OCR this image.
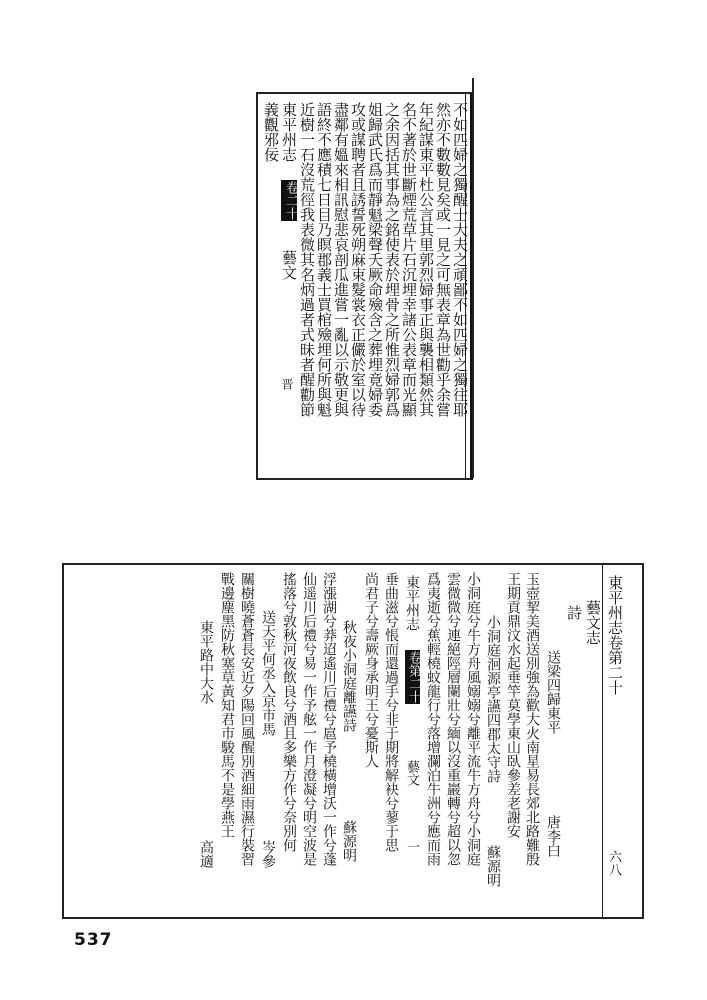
不如匹婦之獨醒士大夫之頑鄙不如匹婦之獨往耶
然亦不數數見矣或一見之可無表章為世勸乎余嘗
年紀謀東平杜公言其里郭烈婦事正與襲相類然其
名不著於世斷煙荒草片石沉埋幸諸公表章而光顯
之余因括其事為之銘使表於埋骨之所惟烈婦郭爲
姐歸武氏爲而靜魁梁聲夭厥命殮含之葬埋竟婦委
攻或謀聘者且誘誓死朔麻束髮裳衣正儼於室以待
盡鄰有媼來相訊慰悲哀剖瓜進嘗一亂以示敬更與
語終不應積七日目乃瞑郡義士買棺殮埋何所與魁
近樹一石沒荒徑我表微其名炳過者式昧者醒勸節
東平州志
卷二十
藝文
晋
義觀邪佞
東平州志卷第二十
六八
藝文志
詩
送梁四歸東平
唐李白
玉壺挈美酒送別強為歡大火南星易長郊北路難殷
王期貢鼎汶水起垂竿莫學東山臥參差老謝安
小洞庭洄源亭讌四郡太守詩
蘇源明
小洞庭兮牛方舟風嫋嫋兮離平流牛方舟兮小洞庭
雲微微兮連絕陘層闌壯兮緬以沒重巖轉兮超以忽
爲夷逝兮蕉輕橈蚊龍行兮落增瀾泊牛洲兮應而雨
東平州志
卷第二十
藝文
一
垂曲滋兮悵而還過手兮非于期將解袂兮蓼于思
尚君子兮壽厥身承明王兮憂斯人
秋夜小洞庭離讌詩
蘇源明
浮漲湖兮莽迢遙川后禮兮扈予橈橫增沃一作兮蓬
仙遥川后禮兮易一作予舷一作月澄凝兮明空波是
搖落兮敦秋河夜飲良兮酒且多樂方作兮奈別何
送天平何丞入京市馬
岑參
關樹曉蒼蒼長安近夕陽回風醒別酒細雨濕行裝習
戰邊塵黑防秋塞草黃知君市駿馬不是學燕王
東平路中大水
高適
537
